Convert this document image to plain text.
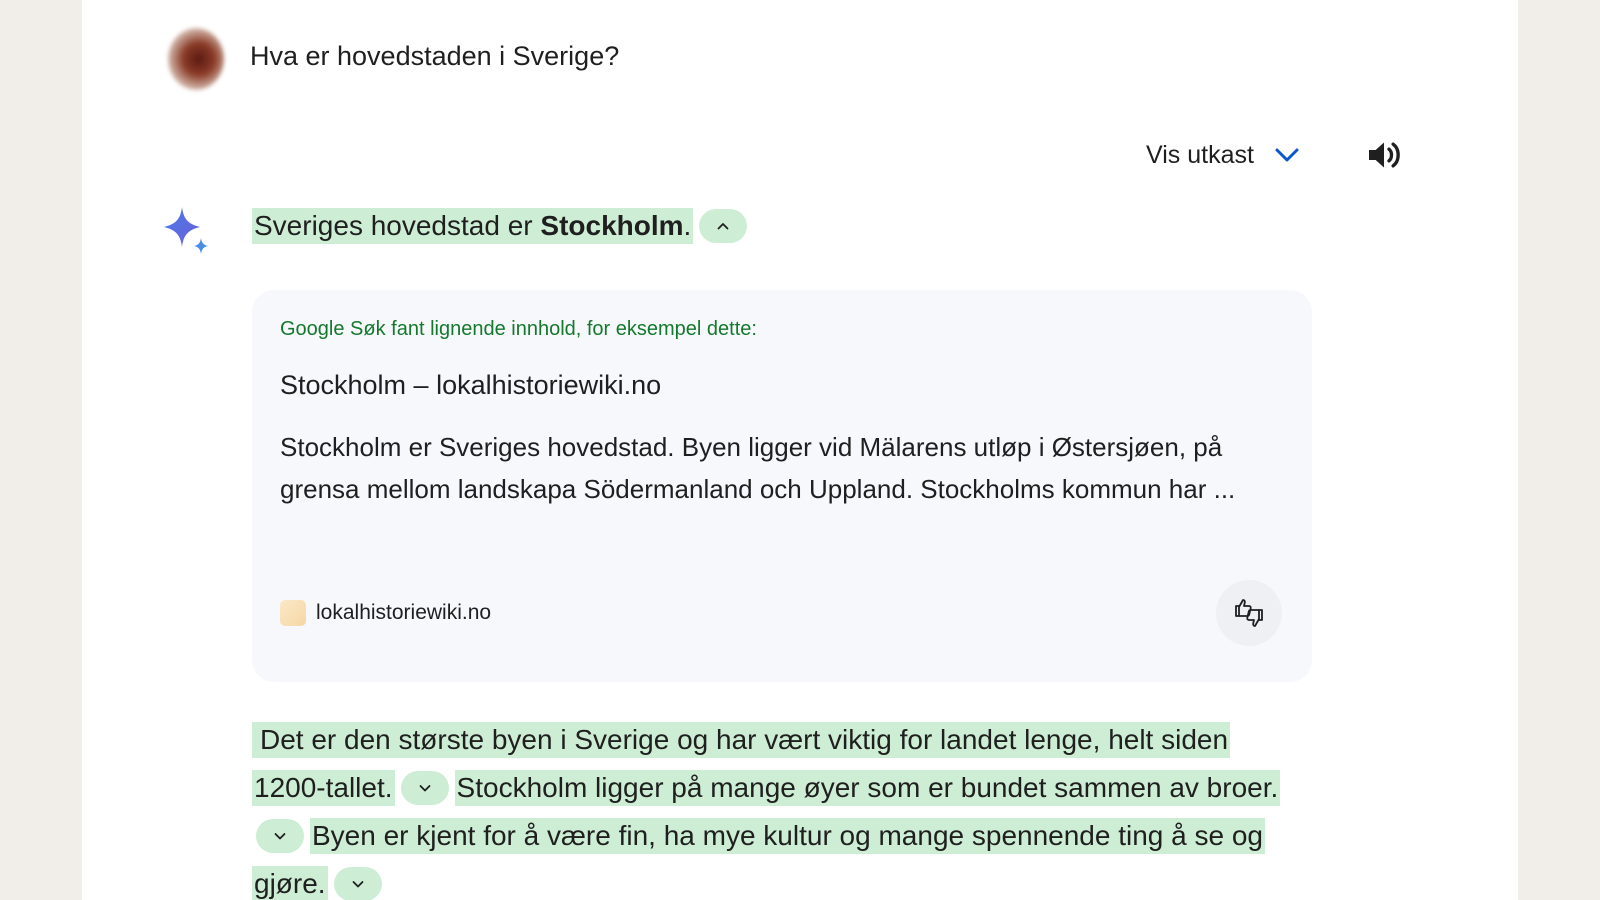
Hva er hovedstaden i Sverige?
Vis utkast
Sveriges hovedstad er Stockholm.
Google Søk fant lignende innhold, for eksempel dette:
Stockholm – lokalhistoriewiki.no
Stockholm er Sveriges hovedstad. Byen ligger vid Mälarens utløp i Østersjøen, på grensa mellom landskapa Södermanland och Uppland. Stockholms kommun har ...
lokalhistoriewiki.no
Det er den største byen i Sverige og har vært viktig for landet lenge, helt siden
1200-tallet. Stockholm ligger på mange øyer som er bundet sammen av broer.
Byen er kjent for å være fin, ha mye kultur og mange spennende ting å se og
gjøre.
